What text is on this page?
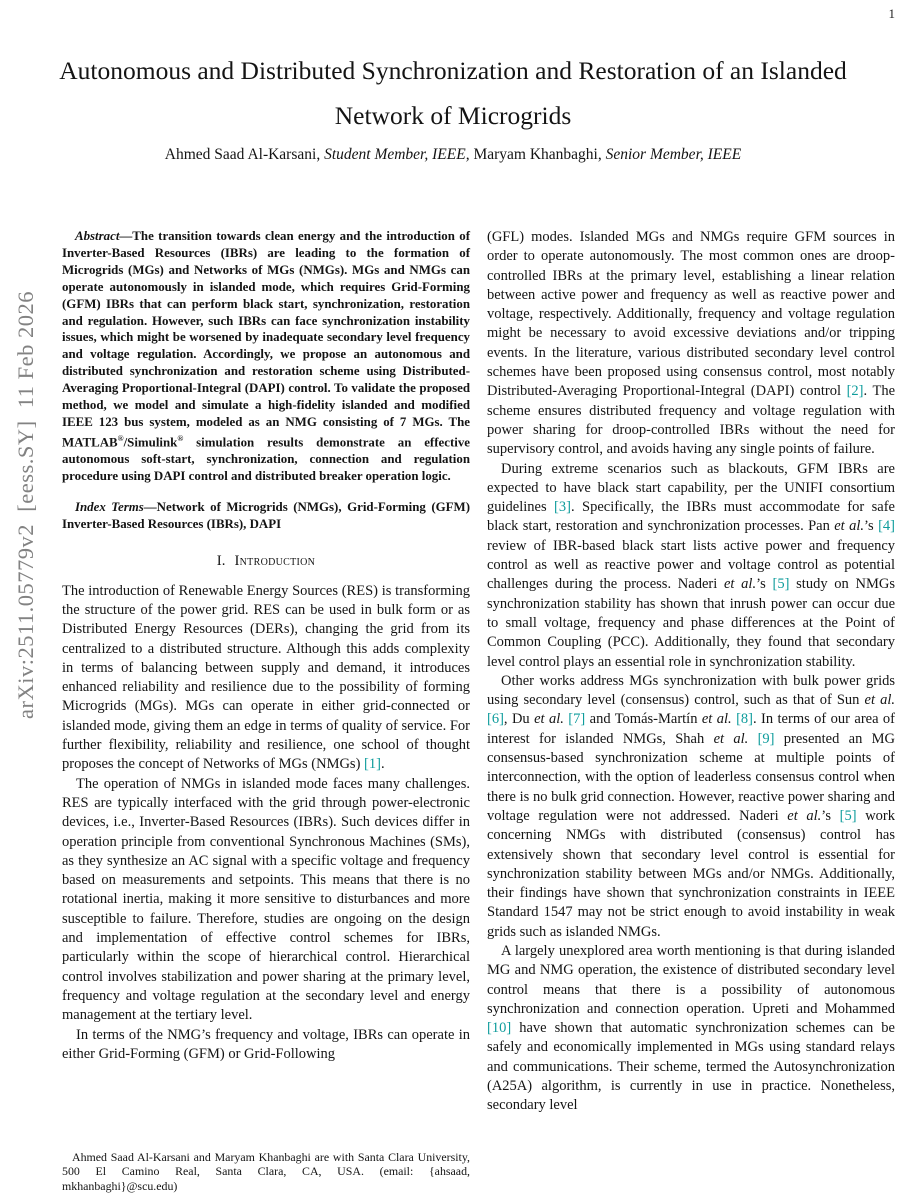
1
arXiv:2511.05779v2  [eess.SY]  11 Feb 2026
Autonomous and Distributed Synchronization and Restoration of an Islanded Network of Microgrids
Ahmed Saad Al-Karsani, Student Member, IEEE, Maryam Khanbaghi, Senior Member, IEEE

Abstract—The transition towards clean energy and the introduction of Inverter-Based Resources (IBRs) are leading to the formation of Microgrids (MGs) and Networks of MGs (NMGs). MGs and NMGs can operate autonomously in islanded mode, which requires Grid-Forming (GFM) IBRs that can perform black start, synchronization, restoration and regulation. However, such IBRs can face synchronization instability issues, which might be worsened by inadequate secondary level frequency and voltage regulation. Accordingly, we propose an autonomous and distributed synchronization and restoration scheme using Distributed-Averaging Proportional-Integral (DAPI) control. To validate the proposed method, we model and simulate a high-fidelity islanded and modified IEEE 123 bus system, modeled as an NMG consisting of 7 MGs. The MATLAB®/Simulink® simulation results demonstrate an effective autonomous soft-start, synchronization, connection and regulation procedure using DAPI control and distributed breaker operation logic.

Index Terms—Network of Microgrids (NMGs), Grid-Forming (GFM) Inverter-Based Resources (IBRs), DAPI

I. Introduction

The introduction of Renewable Energy Sources (RES) is transforming the structure of the power grid. RES can be used in bulk form or as Distributed Energy Resources (DERs), changing the grid from its centralized to a distributed structure. Although this adds complexity in terms of balancing between supply and demand, it introduces enhanced reliability and resilience due to the possibility of forming Microgrids (MGs). MGs can operate in either grid-connected or islanded mode, giving them an edge in terms of quality of service. For further flexibility, reliability and resilience, one school of thought proposes the concept of Networks of MGs (NMGs) [1].

The operation of NMGs in islanded mode faces many challenges. RES are typically interfaced with the grid through power-electronic devices, i.e., Inverter-Based Resources (IBRs). Such devices differ in operation principle from conventional Synchronous Machines (SMs), as they synthesize an AC signal with a specific voltage and frequency based on measurements and setpoints. This means that there is no rotational inertia, making it more sensitive to disturbances and more susceptible to failure. Therefore, studies are ongoing on the design and implementation of effective control schemes for IBRs, particularly within the scope of hierarchical control. Hierarchical control involves stabilization and power sharing at the primary level, frequency and voltage regulation at the secondary level and energy management at the tertiary level.

In terms of the NMG’s frequency and voltage, IBRs can operate in either Grid-Forming (GFM) or Grid-Following

Ahmed Saad Al-Karsani and Maryam Khanbaghi are with Santa Clara University, 500 El Camino Real, Santa Clara, CA, USA. (email: {ahsaad, mkhanbaghi}@scu.edu)

(GFL) modes. Islanded MGs and NMGs require GFM sources in order to operate autonomously. The most common ones are droop-controlled IBRs at the primary level, establishing a linear relation between active power and frequency as well as reactive power and voltage, respectively. Additionally, frequency and voltage regulation might be necessary to avoid excessive deviations and/or tripping events. In the literature, various distributed secondary level control schemes have been proposed using consensus control, most notably Distributed-Averaging Proportional-Integral (DAPI) control [2]. The scheme ensures distributed frequency and voltage regulation with power sharing for droop-controlled IBRs without the need for supervisory control, and avoids having any single points of failure.

During extreme scenarios such as blackouts, GFM IBRs are expected to have black start capability, per the UNIFI consortium guidelines [3]. Specifically, the IBRs must accommodate for safe black start, restoration and synchronization processes. Pan et al.’s [4] review of IBR-based black start lists active power and frequency control as well as reactive power and voltage control as potential challenges during the process. Naderi et al.’s [5] study on NMGs synchronization stability has shown that inrush power can occur due to small voltage, frequency and phase differences at the Point of Common Coupling (PCC). Additionally, they found that secondary level control plays an essential role in synchronization stability.

Other works address MGs synchronization with bulk power grids using secondary level (consensus) control, such as that of Sun et al. [6], Du et al. [7] and Tomás-Martín et al. [8]. In terms of our area of interest for islanded NMGs, Shah et al. [9] presented an MG consensus-based synchronization scheme at multiple points of interconnection, with the option of leaderless consensus control when there is no bulk grid connection. However, reactive power sharing and voltage regulation were not addressed. Naderi et al.’s [5] work concerning NMGs with distributed (consensus) control has extensively shown that secondary level control is essential for synchronization stability between MGs and/or NMGs. Additionally, their findings have shown that synchronization constraints in IEEE Standard 1547 may not be strict enough to avoid instability in weak grids such as islanded NMGs.

A largely unexplored area worth mentioning is that during islanded MG and NMG operation, the existence of distributed secondary level control means that there is a possibility of autonomous synchronization and connection operation. Upreti and Mohammed [10] have shown that automatic synchronization schemes can be safely and economically implemented in MGs using standard relays and communications. Their scheme, termed the Autosynchronization (A25A) algorithm, is currently in use in practice. Nonetheless, secondary level
